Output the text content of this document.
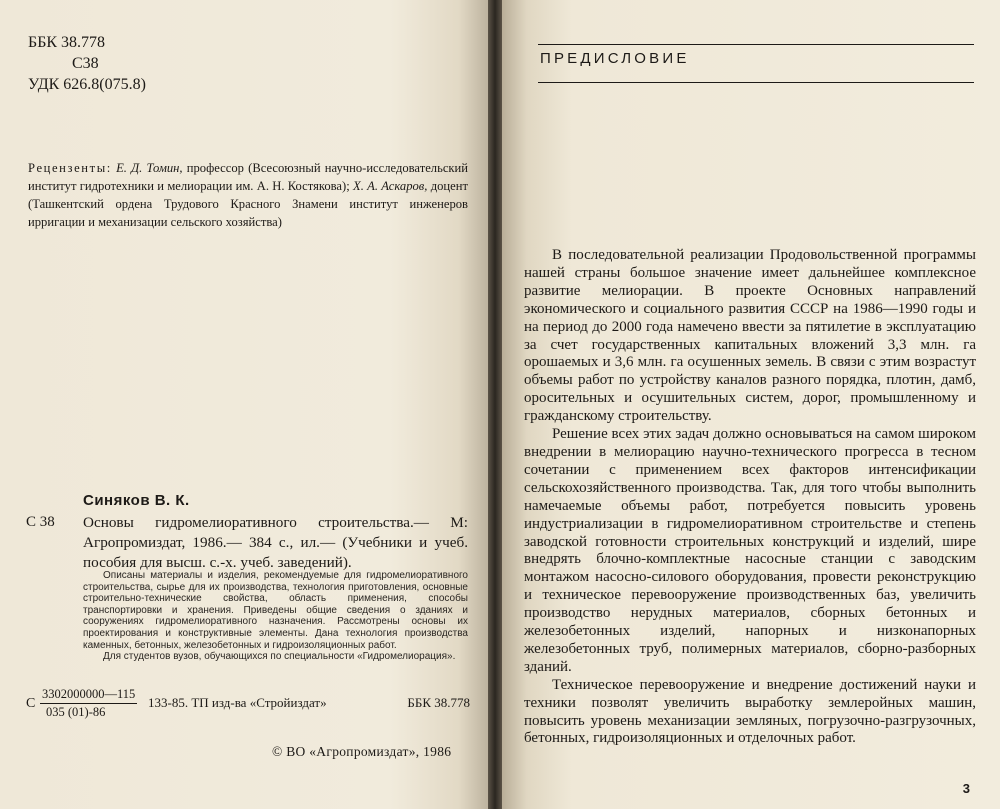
ББК 38.778
С38
УДК 626.8(075.8)
Рецензенты: Е. Д. Томин, профессор (Всесоюзный научно-исследовательский институт гидротехники и мелиорации им. А. Н. Костякова); Х. А. Аскаров, доцент (Ташкентский ордена Трудового Красного Знамени институт инженеров ирригации и механизации сельского хозяйства)
Синяков В. К.
С 38 Основы гидромелиоративного строительства.— М: Агропромиздат, 1986.— 384 с., ил.— (Учебники и учеб. пособия для высш. с.-х. учеб. заведений).

Описаны материалы и изделия, рекомендуемые для гидромелиоративного строительства, сырье для их производства, технология приготовления, основные строительно-технические свойства, область применения, способы транспортировки и хранения. Приведены общие сведения о зданиях и сооружениях гидромелиоративного назначения. Рассмотрены основы их проектирования и конструктивные элементы. Дана технология производства каменных, бетонных, железобетонных и гидроизоляционных работ.

Для студентов вузов, обучающихся по специальности «Гидромелиорация».

С $\frac{3302000000—115}{035 (01)-86} 133-85$. ТП изд-ва «Стройиздат»	ББК 38.778
© ВО «Агропромиздат», 1986
ПРЕДИСЛОВИЕ

В последовательной реализации Продовольственной программы нашей страны большое значение имеет дальнейшее комплексное развитие мелиорации. В проекте Основных направлений экономического и социального развития СССР на 1986—1990 годы и на период до 2000 года намечено ввести за пятилетие в эксплуатацию за счет государственных капитальных вложений 3,3 млн. га орошаемых и 3,6 млн. га осушенных земель. В связи с этим возрастут объемы работ по устройству каналов разного порядка, плотин, дамб, оросительных и осушительных систем, дорог, промышленному и гражданскому строительству.

Решение всех этих задач должно основываться на самом широком внедрении в мелиорацию научно-технического прогресса в тесном сочетании с применением всех факторов интенсификации сельскохозяйственного производства. Так, для того чтобы выполнить намечаемые объемы работ, потребуется повысить уровень индустриализации в гидромелиоративном строительстве и степень заводской готовности строительных конструкций и изделий, шире внедрять блочно-комплектные насосные станции с заводским монтажом насосно-силового оборудования, провести реконструкцию и техническое перевооружение производственных баз, увеличить производство нерудных материалов, сборных бетонных и железобетонных изделий, напорных и низконапорных железобетонных труб, полимерных материалов, сборно-разборных зданий.

Техническое перевооружение и внедрение достижений науки и техники позволят увеличить выработку землеройных машин, повысить уровень механизации земляных, погрузочно-разгрузочных, бетонных, гидроизоляционных и отделочных работ.

3
